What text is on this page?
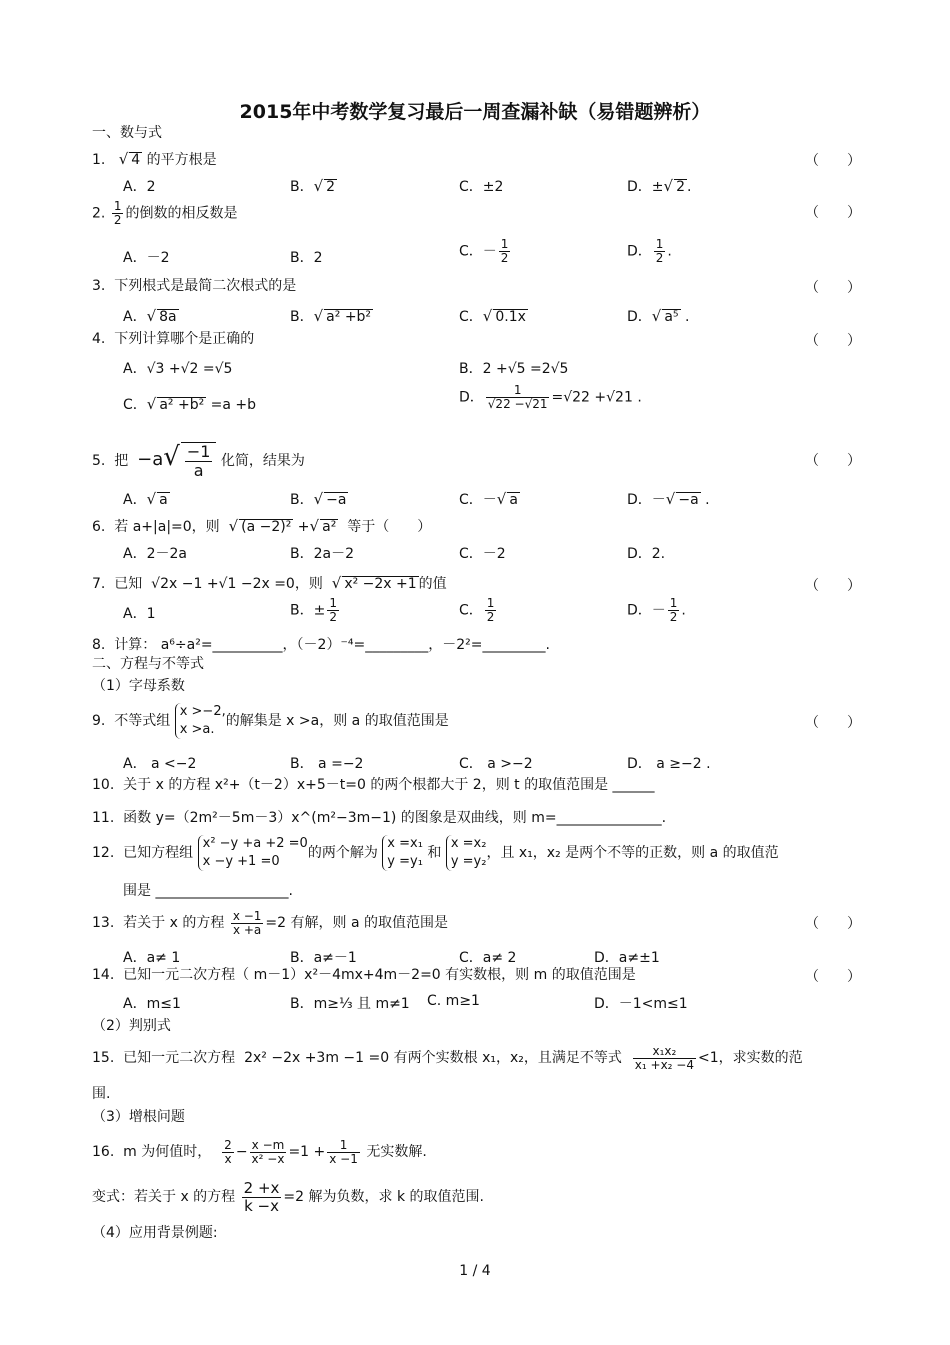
2015年中考数学复习最后一周查漏补缺（易错题辨析）
一、数与式
1. √ 4 的平方根是	（　　）
A．2	B．√ 2	C．±2	D．±√ 2 .
2. $\frac{1}{2}$ 的倒数的相反数是	（　　）
A．－2	B．2	C．－ $\frac{1}{2}$	D． $\frac{1}{2}$ .
3. 下列根式是最简二次根式的是	（　　）
A．√ 8a	B．√ a² +b²	C．√ 0.1x	D．√ a⁵ .
4. 下列计算哪个是正确的	（　　）
A．√3 +√2 =√5	B．2 +√5 =2√5
C．√ a² +b² =a +b	D． $\frac{1}{√22 -√21} =√22 +√21$ .
5. 把 $-a√ \frac{-1}{a}$ 化简，结果为	（　　）
A．√ a	B．√ −a	C．－√ a	D．－√ −a .
6. 若 a+|a|=0，则 √ (a −2)² +√ a² 等于（　　）
A．2－2a	B．2a－2	C．－2	D．2.
7. 已知 √2x −1 +√1 −2x =0，则 √ x² −2x +1 的值	（　　）
A．1	B．± $\frac{1}{2}$	C． $\frac{1}{2}$	D．－ $\frac{1}{2}$ .
8. 计算： a⁶÷a²=__________，（－2）⁻⁴=_________，－2²=_________.
二、方程与不等式
（1）字母系数
9. 不等式组
x >−2,
x >a.
的解集是 x >a，则 a 的取值范围是	（　　）
A． a <−2	B． a =−2	C． a >−2	D． a ≥−2 .
10. 关于 x 的方程 x²+（t－2）x+5－t=0 的两个根都大于 2，则 t 的取值范围是 ______
11. 函数 y=（2m²－5m－3）x^(m²−3m−1) 的图象是双曲线，则 m=_______________.
12. 已知方程组
x² −y +a +2 =0
x −y +1 =0
的两个解为
x =x₁
y =y₁
和
x =x₂
y =y₂
，且 x₁，x₂ 是两个不等的正数，则 a 的取值范
围是 ___________________.
13. 若关于 x 的方程 $\frac{x -1}{x +a} =2$ 有解，则 a 的取值范围是	（　　）
A．a≠ 1	B．a≠－1	C．a≠ 2	D．a≠±1
14. 已知一元二次方程（ m－1）x²－4mx+4m－2=0 有实数根，则 m 的取值范围是	（　　）
A．m≤1	B．m≥⅓ 且 m≠1 C. m≥1	D．－1<m≤1
（2）判别式
15. 已知一元二次方程 2x² −2x +3m −1 =0 有两个实数根 x₁，x₂，且满足不等式 $\frac{\text{x₁x₂}}{\text{x₁ +x₂ −4}} <1$，求实数的范
围.
（3）增根问题
16. m 为何值时， $\frac{2}{x} - \frac{x -m}{\text{x² −x}} =1 + \frac{1}{x -1}$ 无实数解.
变式：若关于 x 的方程 $\frac{2 +x}{k -x} =2$ 解为负数，求 k 的取值范围.
（4）应用背景例题:
1 / 4
